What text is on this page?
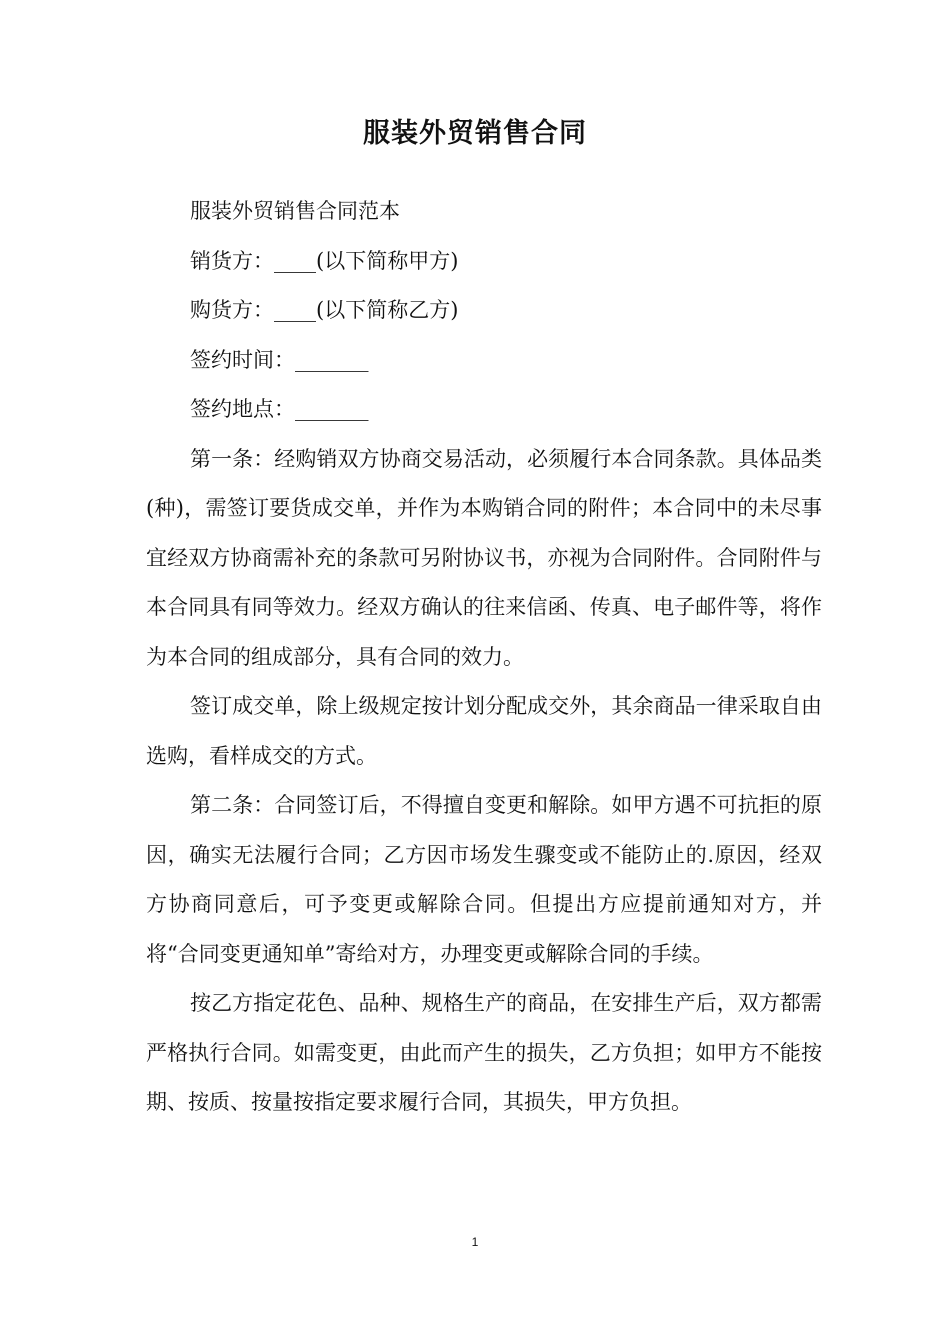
服装外贸销售合同

服装外贸销售合同范本

销货方：____(以下简称甲方)

购货方：____(以下简称乙方)

签约时间：_______

签约地点：_______

第一条：经购销双方协商交易活动，必须履行本合同条款。具体品类(种)，需签订要货成交单，并作为本购销合同的附件；本合同中的未尽事宜经双方协商需补充的条款可另附协议书，亦视为合同附件。合同附件与本合同具有同等效力。经双方确认的往来信函、传真、电子邮件等，将作为本合同的组成部分，具有合同的效力。

签订成交单，除上级规定按计划分配成交外，其余商品一律采取自由选购，看样成交的方式。

第二条：合同签订后，不得擅自变更和解除。如甲方遇不可抗拒的原因，确实无法履行合同；乙方因市场发生骤变或不能防止的.原因，经双方协商同意后，可予变更或解除合同。但提出方应提前通知对方，并将“合同变更通知单”寄给对方，办理变更或解除合同的手续。

按乙方指定花色、品种、规格生产的商品，在安排生产后，双方都需严格执行合同。如需变更，由此而产生的损失，乙方负担；如甲方不能按期、按质、按量按指定要求履行合同，其损失，甲方负担。

1
